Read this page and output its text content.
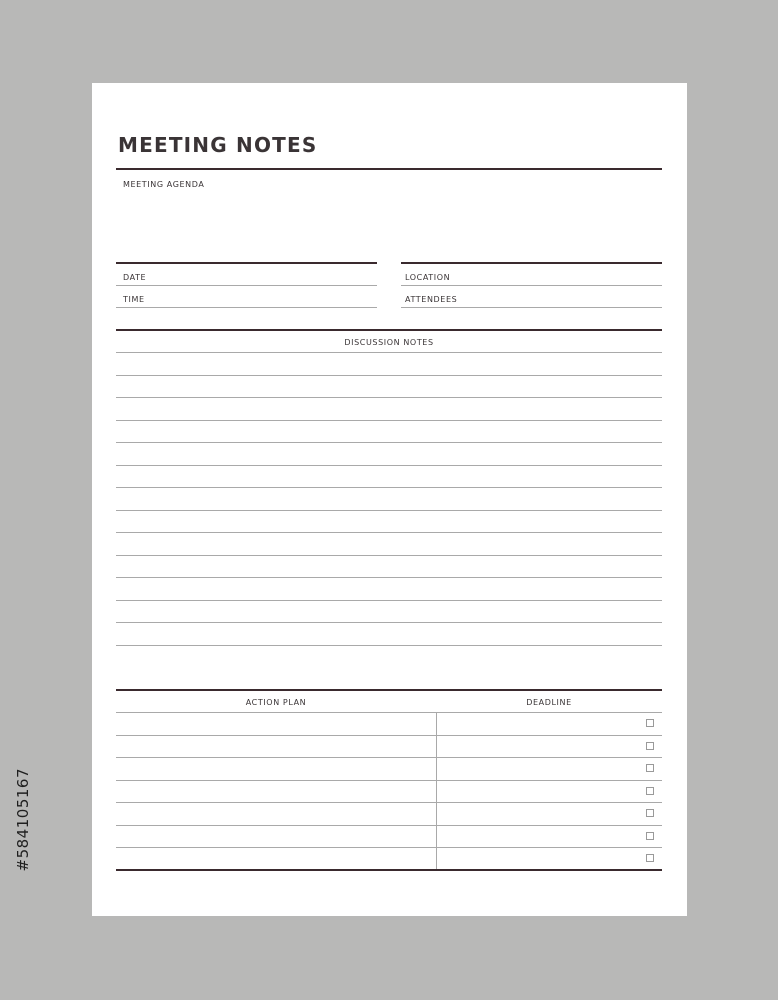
MEETING NOTES
MEETING AGENDA
DATE	LOCATION
TIME	ATTENDEES
DISCUSSION NOTES
ACTION PLAN	DEADLINE
#584105167
